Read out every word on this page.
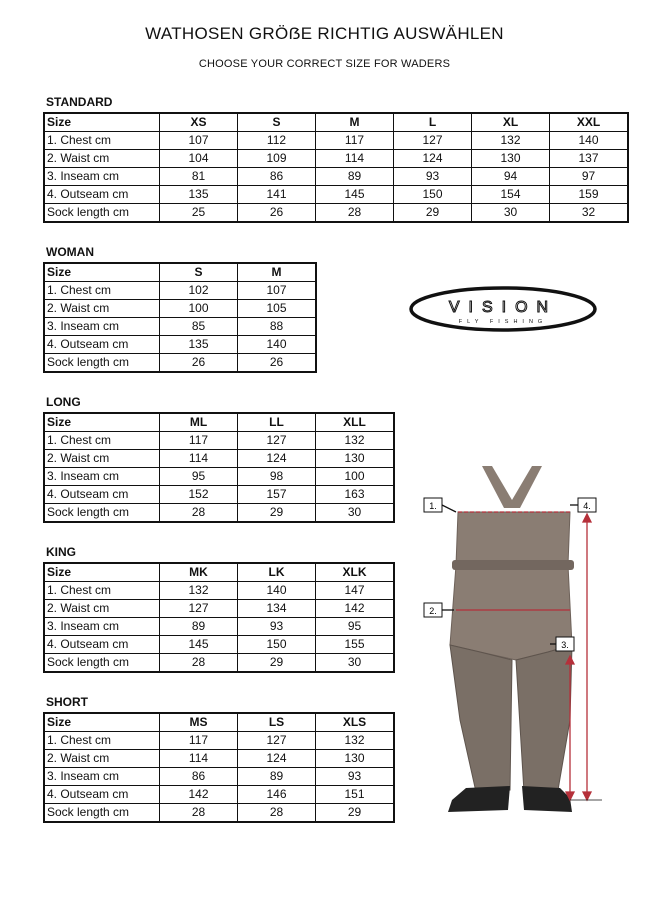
WATHOSEN GRÖẞE RICHTIG AUSWÄHLEN
CHOOSE YOUR CORRECT SIZE FOR WADERS
STANDARD
Size	XS	S	M	L	XL	XXL
1. Chest cm	107	112	117	127	132	140
2. Waist cm	104	109	114	124	130	137
3. Inseam cm	81	86	89	93	94	97
4. Outseam cm	135	141	145	150	154	159
Sock length cm	25	26	28	29	30	32
WOMAN
Size	S	M
1. Chest cm	102	107
2. Waist cm	100	105
3. Inseam cm	85	88
4. Outseam cm	135	140
Sock length cm	26	26
LONG
Size	ML	LL	XLL
1. Chest cm	117	127	132
2. Waist cm	114	124	130
3. Inseam cm	95	98	100
4. Outseam cm	152	157	163
Sock length cm	28	29	30
KING
Size	MK	LK	XLK
1. Chest cm	132	140	147
2. Waist cm	127	134	142
3. Inseam cm	89	93	95
4. Outseam cm	145	150	155
Sock length cm	28	29	30
SHORT
Size	MS	LS	XLS
1. Chest cm	117	127	132
2. Waist cm	114	124	130
3. Inseam cm	86	89	93
4. Outseam cm	142	146	151
Sock length cm	28	28	29
VISION
FLY FISHING
1.
2.
3.
4.
